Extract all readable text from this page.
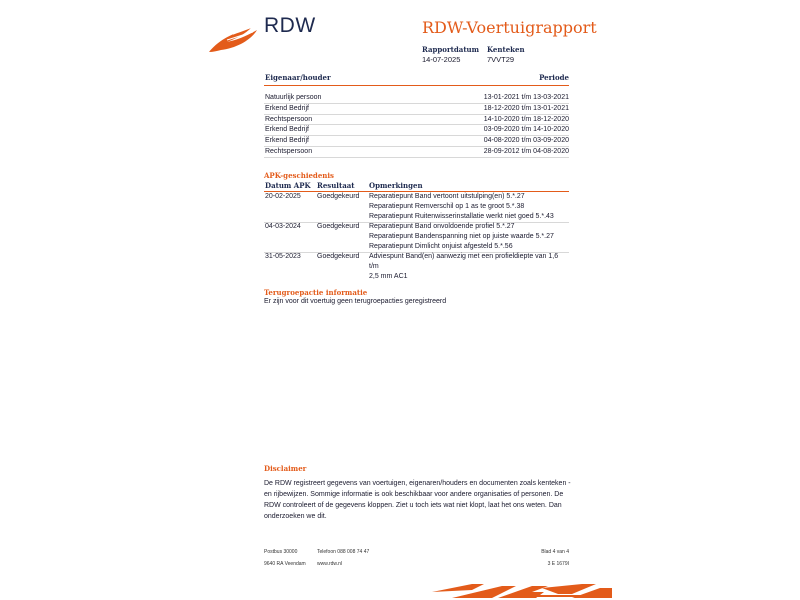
RDW	RDW-Voertuigrapport
Rapportdatum
14-07-2025
Kenteken
7VVT29
Eigenaar/houder	Periode
Natuurlijk persoon	13-01-2021 t/m 13-03-2021
Erkend Bedrijf	18-12-2020 t/m 13-01-2021
Rechtspersoon	14-10-2020 t/m 18-12-2020
Erkend Bedrijf	03-09-2020 t/m 14-10-2020
Erkend Bedrijf	04-08-2020 t/m 03-09-2020
Rechtspersoon	28-09-2012 t/m 04-08-2020
APK-geschiedenis
Datum APK Resultaat Opmerkingen
20-02-2025 Goedgekeurd Reparatiepunt Band vertoont uitstulping(en) 5.*.27
Reparatiepunt Remverschil op 1 as te groot 5.*.38
Reparatiepunt Ruitenwisserinstallatie werkt niet goed 5.*.43
04-03-2024 Goedgekeurd Reparatiepunt Band onvoldoende profiel 5.*.27
Reparatiepunt Bandenspanning niet op juiste waarde 5.*.27
Reparatiepunt Dimlicht onjuist afgesteld 5.*.56
31-05-2023 Goedgekeurd Adviespunt Band(en) aanwezig met een profieldiepte van 1,6 t/m
2,5 mm AC1
Terugroepactie informatie
Er zijn voor dit voertuig geen terugroepacties geregistreerd
Disclaimer
De RDW registreert gegevens van voertuigen, eigenaren/houders en documenten zoals kenteken - en rijbewijzen. Sommige informatie is ook beschikbaar voor andere organisaties of personen. De RDW controleert of de gegevens kloppen. Ziet u toch iets wat niet klopt, laat het ons weten. Dan onderzoeken we dit.
Postbus 30000
9640 RA Veendam
Telefoon 088 008 74 47
www.rdw.nl
Blad 4 van 4
3 E 1679I
